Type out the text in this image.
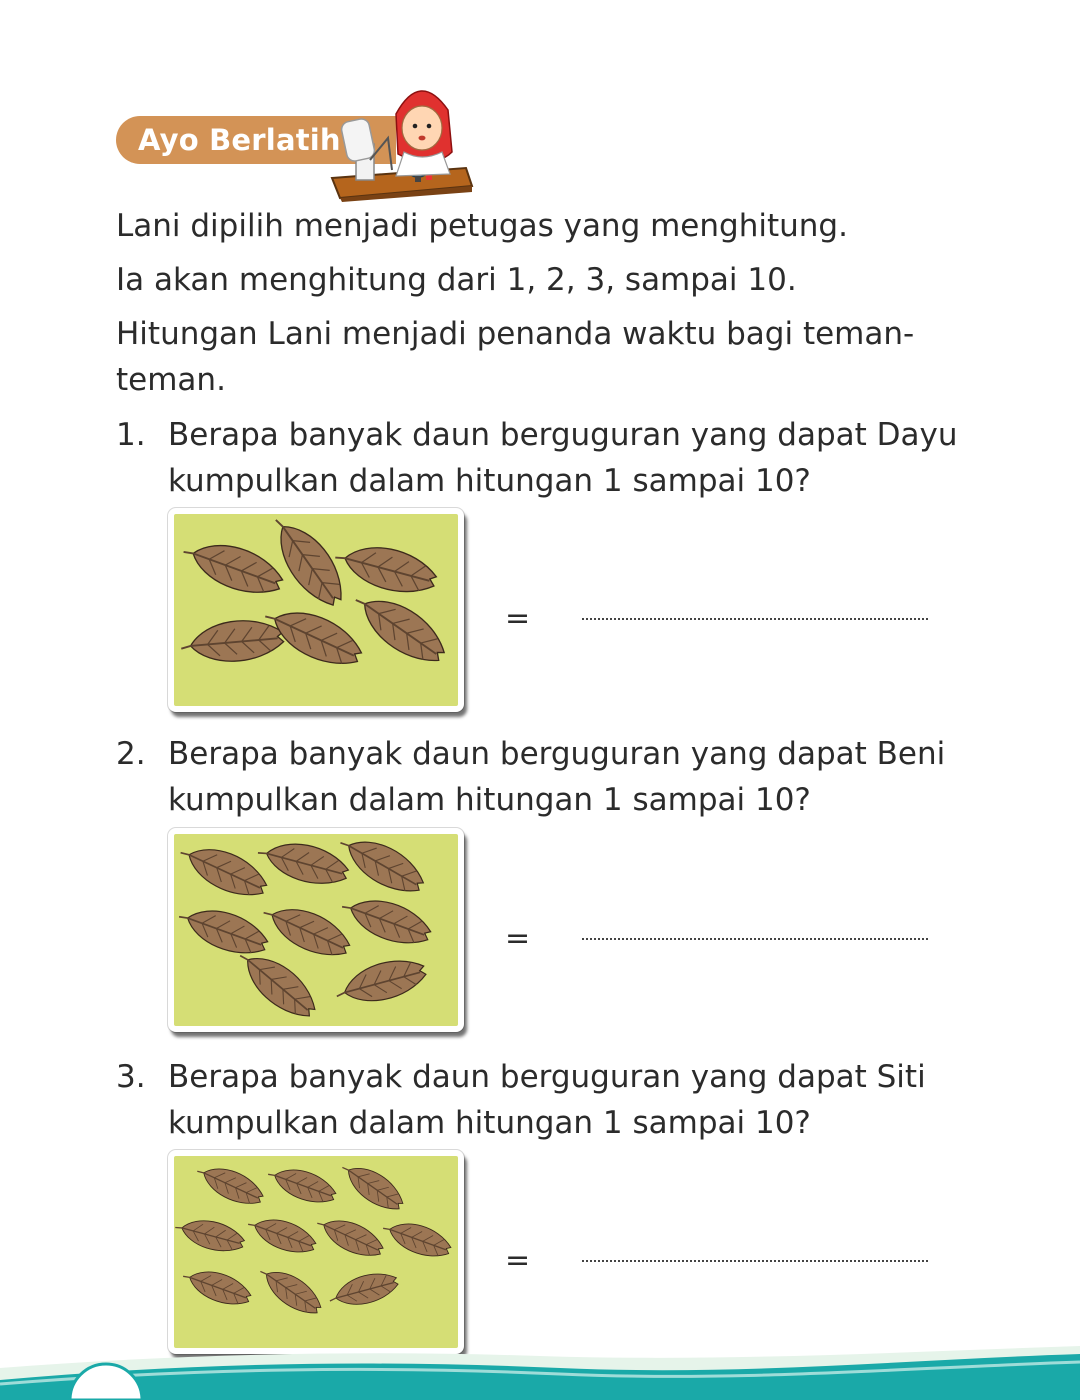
Ayo Berlatih

Lani dipilih menjadi petugas yang menghitung.

Ia akan menghitung dari 1, 2, 3, sampai 10.

Hitungan Lani menjadi penanda waktu bagi teman-teman.

1. Berapa banyak daun berguguran yang dapat Dayu kumpulkan dalam hitungan 1 sampai 10?

=

2. Berapa banyak daun berguguran yang dapat Beni kumpulkan dalam hitungan 1 sampai 10?

=

3. Berapa banyak daun berguguran yang dapat Siti kumpulkan dalam hitungan 1 sampai 10?

=
